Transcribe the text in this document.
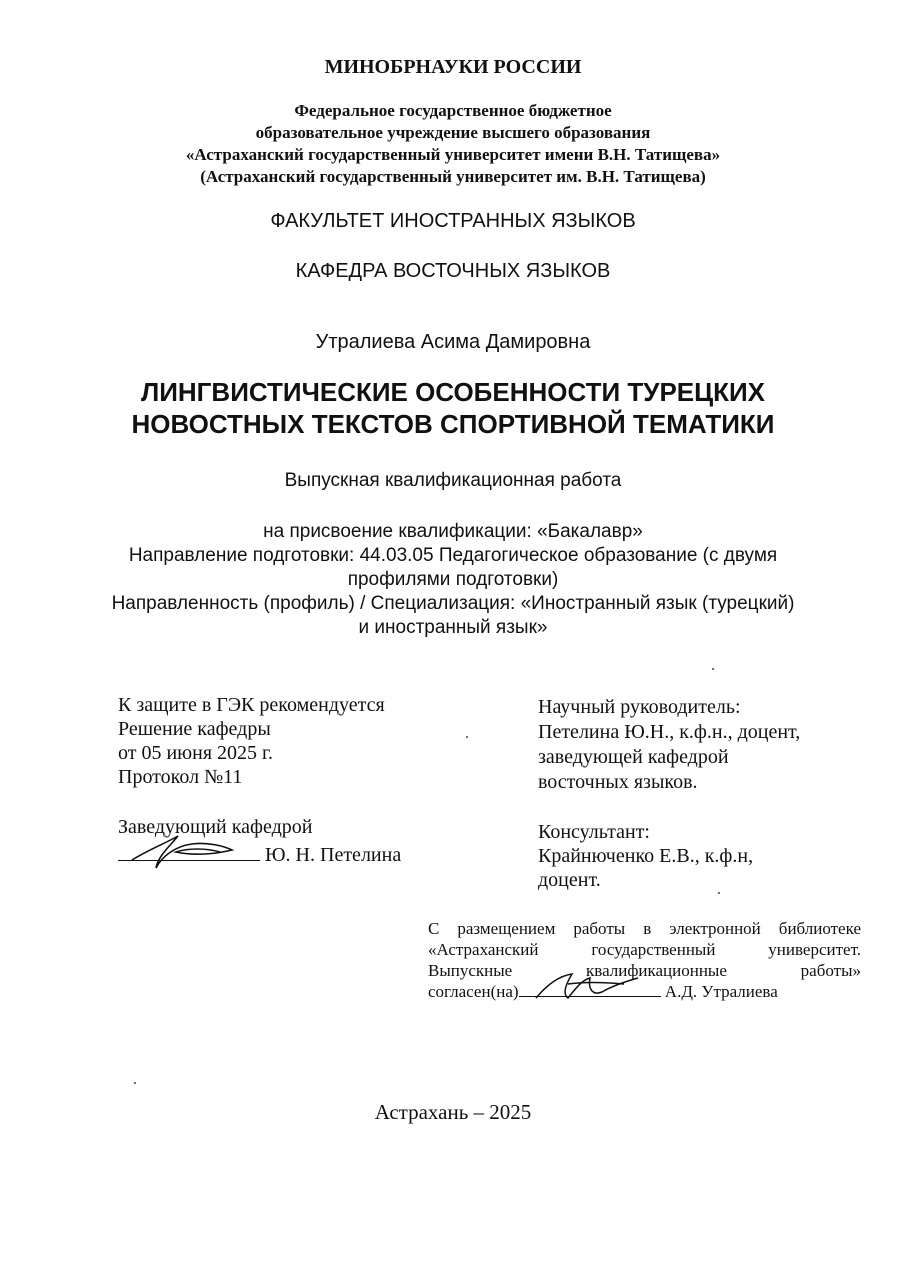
МИНОБРНАУКИ РОССИИ
Федеральное государственное бюджетное
образовательное учреждение высшего образования
«Астраханский государственный университет имени В.Н. Татищева»
(Астраханский государственный университет им. В.Н. Татищева)
ФАКУЛЬТЕТ ИНОСТРАННЫХ ЯЗЫКОВ
КАФЕДРА ВОСТОЧНЫХ ЯЗЫКОВ
Утралиева Асима Дамировна
ЛИНГВИСТИЧЕСКИЕ ОСОБЕННОСТИ ТУРЕЦКИХ
НОВОСТНЫХ ТЕКСТОВ СПОРТИВНОЙ ТЕМАТИКИ
Выпускная квалификационная работа
на присвоение квалификации: «Бакалавр»
Направление подготовки: 44.03.05 Педагогическое образование (с двумя
профилями подготовки)
Направленность (профиль) / Специализация: «Иностранный язык (турецкий)
и иностранный язык»
К защите в ГЭК рекомендуется
Решение кафедры
от 05 июня 2025 г.
Протокол №11
Научный руководитель:
Петелина Ю.Н., к.ф.н., доцент,
заведующей кафедрой
восточных языков.
Заведующий кафедрой
Ю. Н. Петелина
Консультант:
Крайнюченко Е.В., к.ф.н,
доцент.
С размещением работы в электронной библиотеке
«Астраханский государственный университет.
Выпускные квалификационные работы»
согласен(на)	А.Д. Утралиева
Астрахань – 2025
